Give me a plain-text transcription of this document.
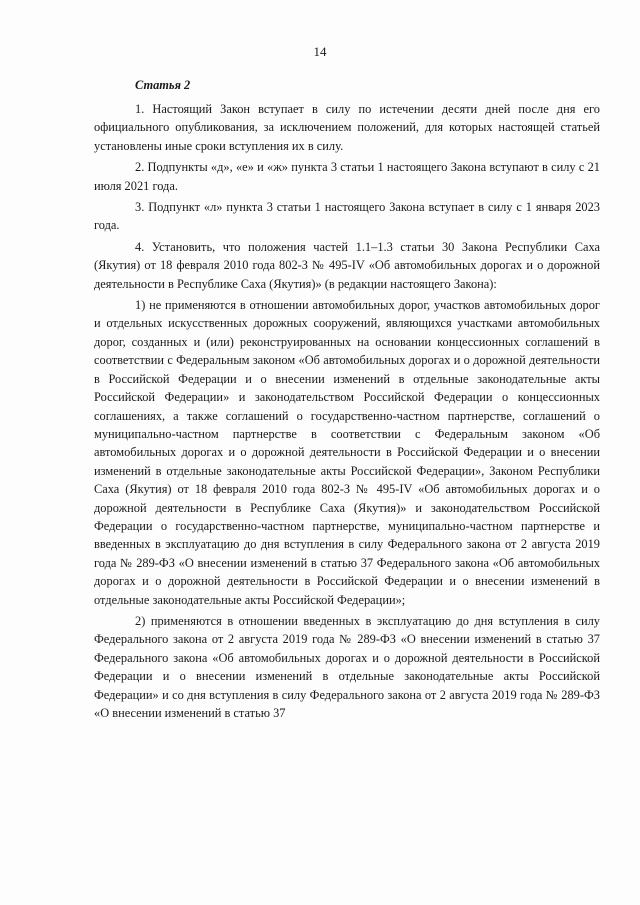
14
Статья 2

1. Настоящий Закон вступает в силу по истечении десяти дней после дня его официального опубликования, за исключением положений, для которых настоящей статьей установлены иные сроки вступления их в силу.

2. Подпункты «д», «е» и «ж» пункта 3 статьи 1 настоящего Закона вступают в силу с 21 июля 2021 года.

3. Подпункт «л» пункта 3 статьи 1 настоящего Закона вступает в силу с 1 января 2023 года.

4. Установить, что положения частей 1.1–1.3 статьи 30 Закона Республики Саха (Якутия) от 18 февраля 2010 года 802-З № 495-IV «Об автомобильных дорогах и о дорожной деятельности в Республике Саха (Якутия)» (в редакции настоящего Закона):

1) не применяются в отношении автомобильных дорог, участков автомобильных дорог и отдельных искусственных дорожных сооружений, являющихся участками автомобильных дорог, созданных и (или) реконструированных на основании концессионных соглашений в соответствии с Федеральным законом «Об автомобильных дорогах и о дорожной деятельности в Российской Федерации и о внесении изменений в отдельные законодательные акты Российской Федерации» и законодательством Российской Федерации о концессионных соглашениях, а также соглашений о государственно-частном партнерстве, соглашений о муниципально-частном партнерстве в соответствии с Федеральным законом «Об автомобильных дорогах и о дорожной деятельности в Российской Федерации и о внесении изменений в отдельные законодательные акты Российской Федерации», Законом Республики Саха (Якутия) от 18 февраля 2010 года 802-З № 495-IV «Об автомобильных дорогах и о дорожной деятельности в Республике Саха (Якутия)» и законодательством Российской Федерации о государственно-частном партнерстве, муниципально-частном партнерстве и введенных в эксплуатацию до дня вступления в силу Федерального закона от 2 августа 2019 года № 289-ФЗ «О внесении изменений в статью 37 Федерального закона «Об автомобильных дорогах и о дорожной деятельности в Российской Федерации и о внесении изменений в отдельные законодательные акты Российской Федерации»;

2) применяются в отношении введенных в эксплуатацию до дня вступления в силу Федерального закона от 2 августа 2019 года № 289-ФЗ «О внесении изменений в статью 37 Федерального закона «Об автомобильных дорогах и о дорожной деятельности в Российской Федерации и о внесении изменений в отдельные законодательные акты Российской Федерации» и со дня вступления в силу Федерального закона от 2 августа 2019 года № 289-ФЗ «О внесении изменений в статью 37
